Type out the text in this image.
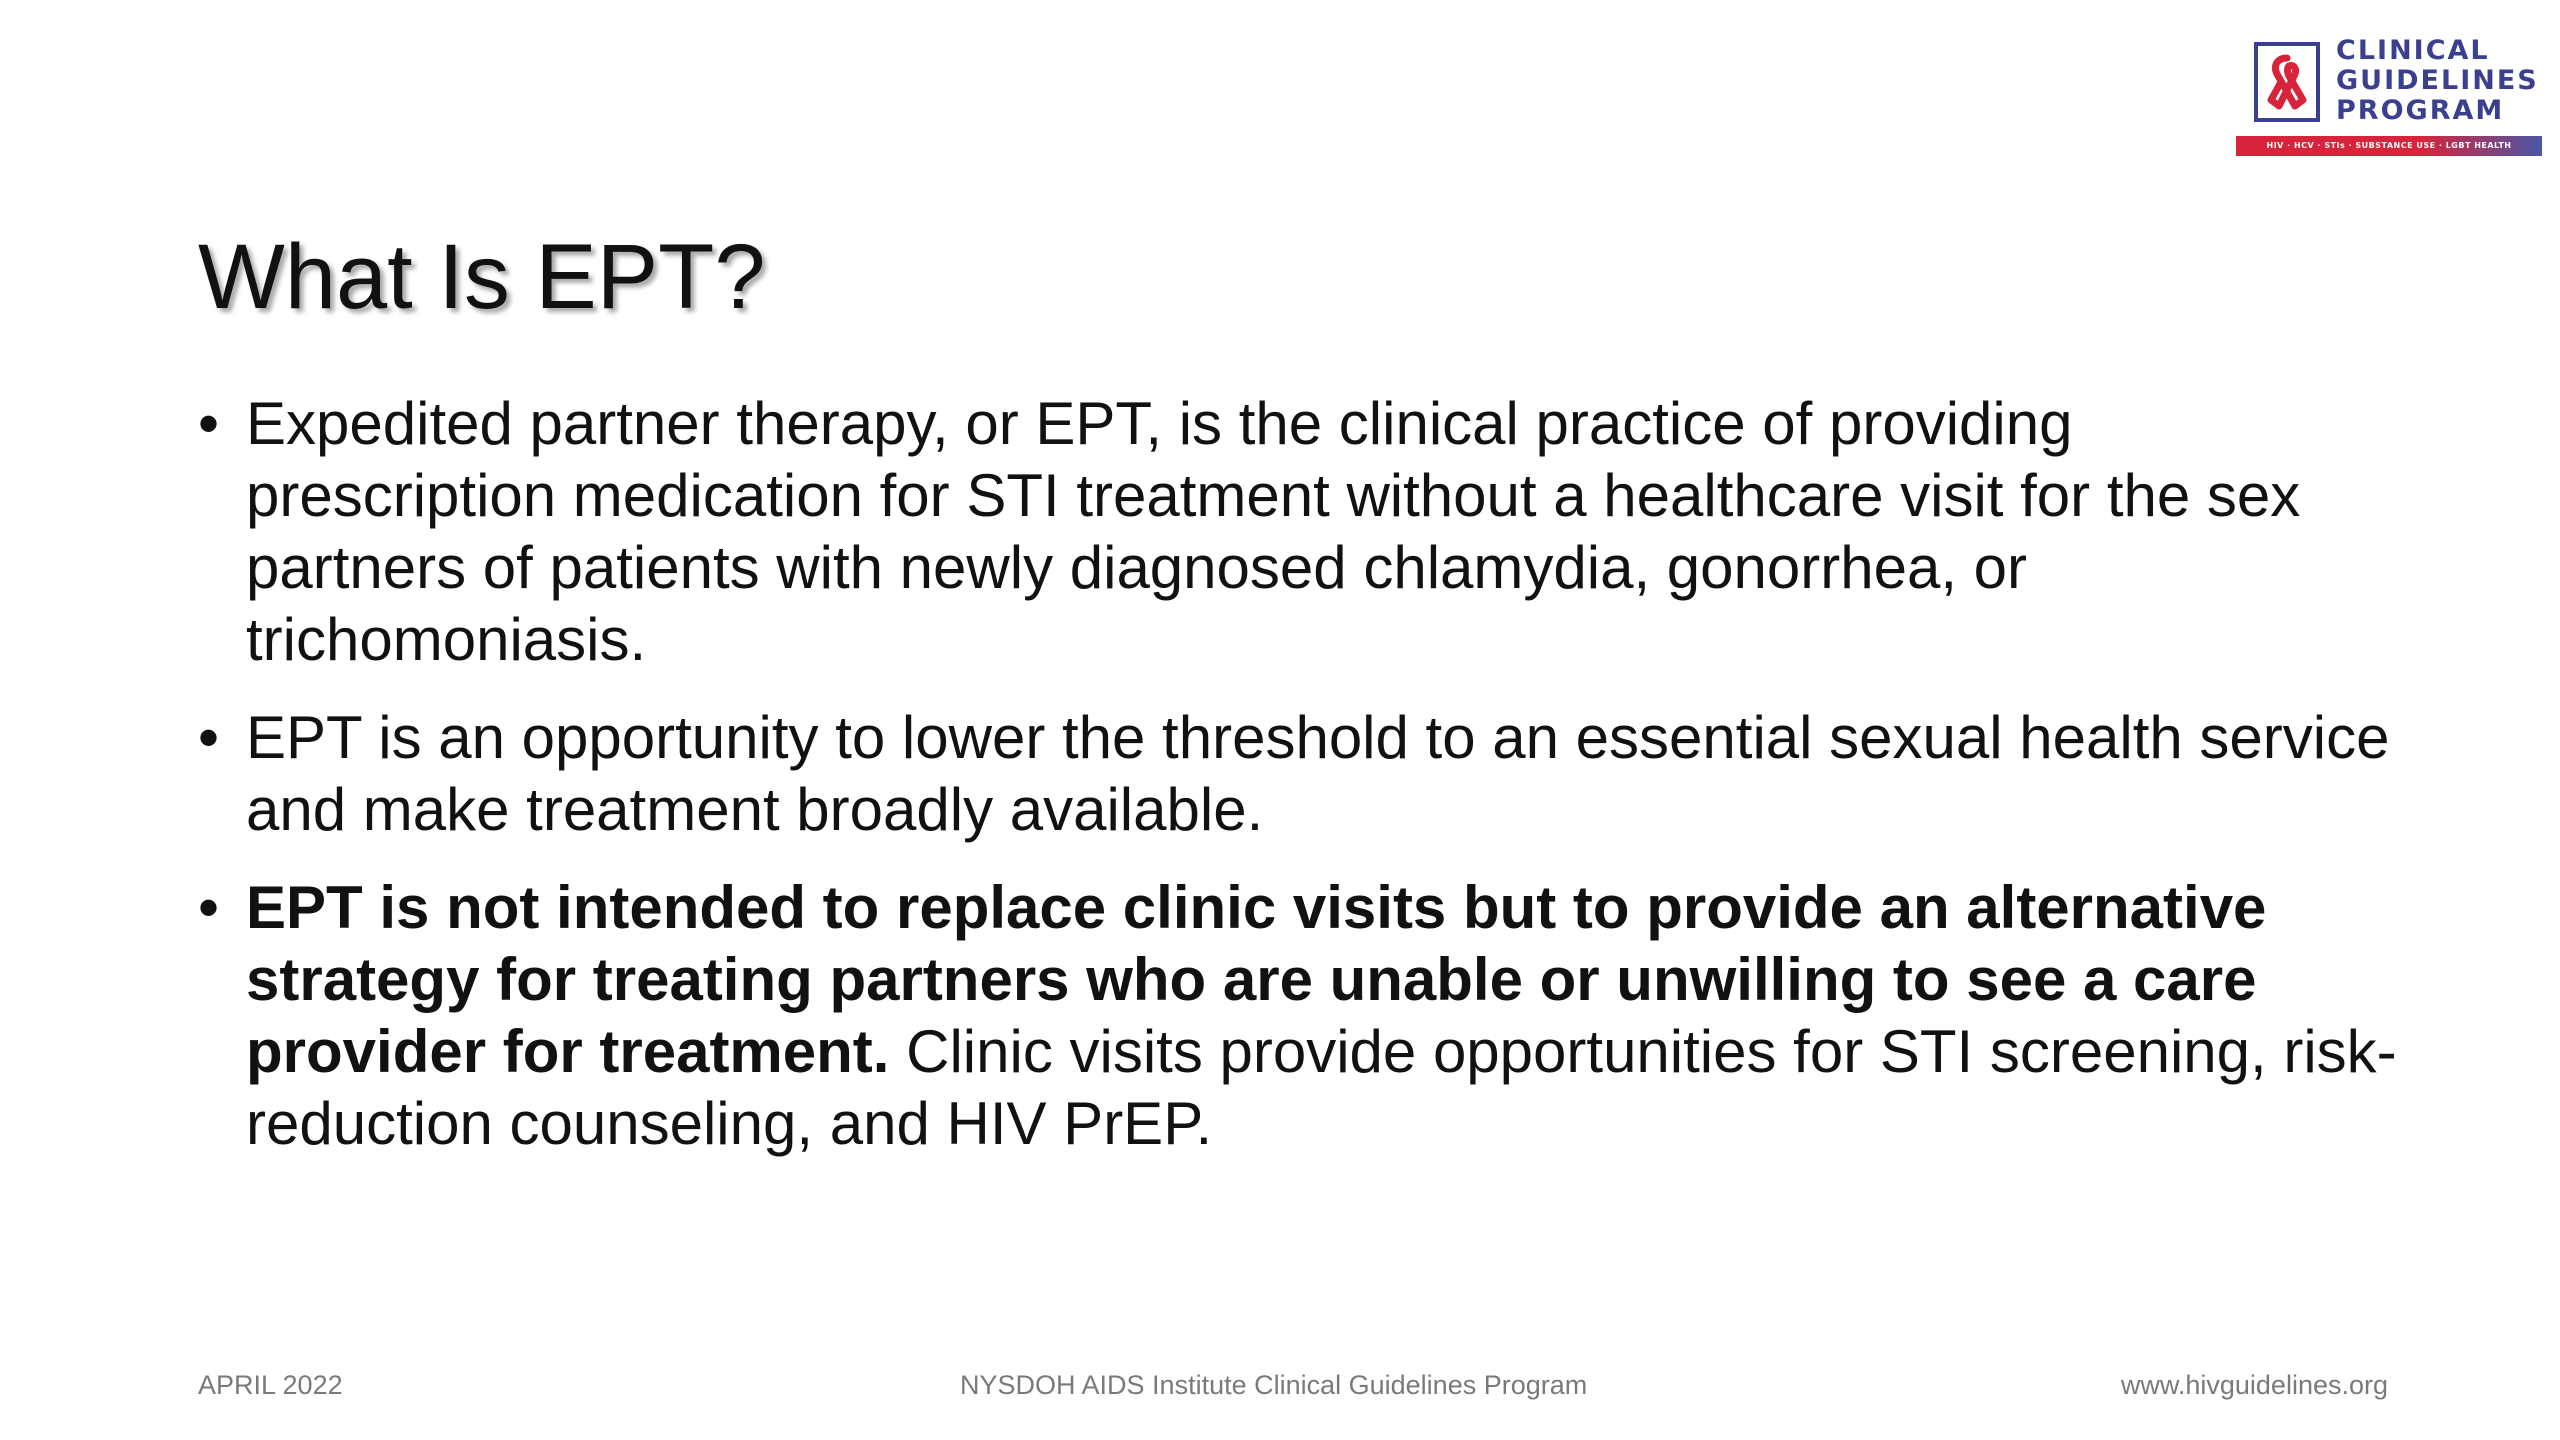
CLINICAL
GUIDELINES
PROGRAM
HIV · HCV · STIs · SUBSTANCE USE · LGBT HEALTH
What Is EPT?
• Expedited partner therapy, or EPT, is the clinical practice of providing prescription medication for STI treatment without a healthcare visit for the sex partners of patients with newly diagnosed chlamydia, gonorrhea, or trichomoniasis.
• EPT is an opportunity to lower the threshold to an essential sexual health service and make treatment broadly available.
• EPT is not intended to replace clinic visits but to provide an alternative strategy for treating partners who are unable or unwilling to see a care provider for treatment. Clinic visits provide opportunities for STI screening, risk-reduction counseling, and HIV PrEP.
APRIL 2022	NYSDOH AIDS Institute Clinical Guidelines Program	www.hivguidelines.org
